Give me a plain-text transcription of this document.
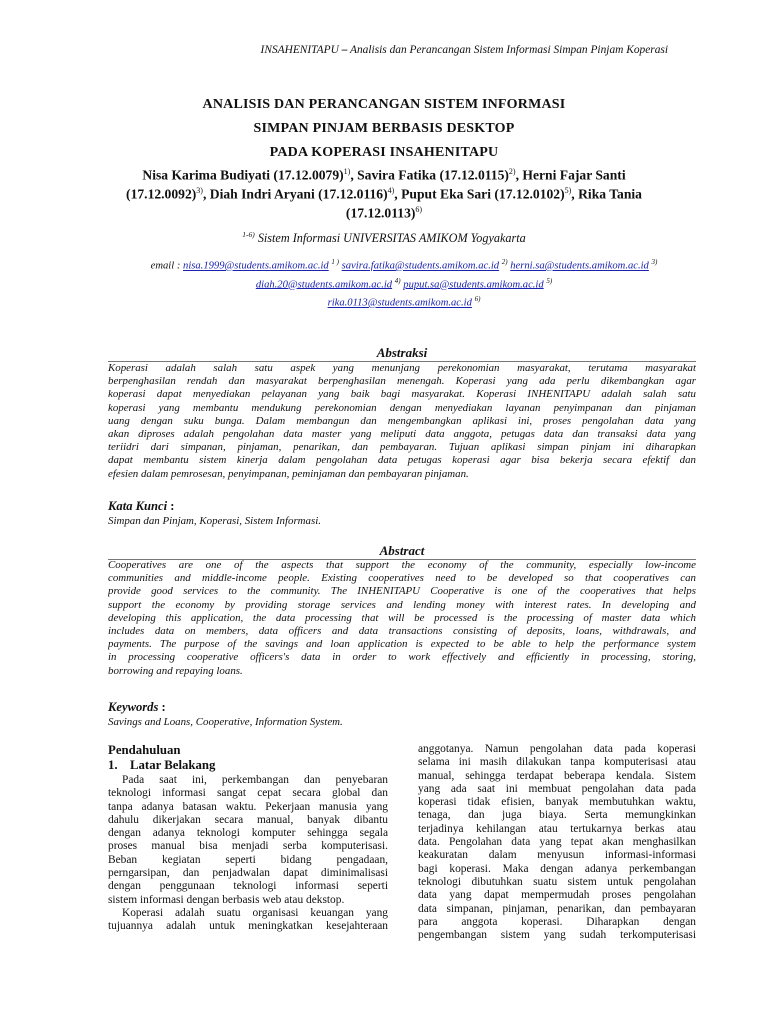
INSAHENITAPU – Analisis dan Perancangan Sistem Informasi Simpan Pinjam Koperasi
ANALISIS DAN PERANCANGAN SISTEM INFORMASI
SIMPAN PINJAM BERBASIS DESKTOP
PADA KOPERASI INSAHENITAPU
Nisa Karima Budiyati $(17.12.0079)^{1)}$, Savira Fatika $(17.12.0115)^{2)}$, Herni Fajar Santi $(17.12.0092)^{3)}$, Diah Indri Aryani $(17.12.0116)^{4)}$, Puput Eka Sari $(17.12.0102)^{5)}$, Rika Tania $(17.12.0113)^{6)}$
$^{1-6)}$ Sistem Informasi UNIVERSITAS AMIKOM Yogyakarta
email : nisa.1999@students.amikom.ac.id $^{1 )}$ savira.fatika@students.amikom.ac.id $^{2)}$ herni.sa@students.amikom.ac.id $^{3)}$
diah.20@students.amikom.ac.id $^{4)}$ puput.sa@students.amikom.ac.id $^{5)}$
rika.0113@students.amikom.ac.id $^{6)}$
Abstraksi
Koperasi adalah salah satu aspek yang menunjang perekonomian masyarakat, terutama masyarakat
berpenghasilan rendah dan masyarakat berpenghasilan menengah. Koperasi yang ada perlu dikembangkan agar
koperasi dapat menyediakan pelayanan yang baik bagi masyarakat. Koperasi INHENITAPU adalah salah satu
koperasi yang membantu mendukung perekonomian dengan menyediakan layanan penyimpanan dan pinjaman
uang dengan suku bunga. Dalam membangun dan mengembangkan aplikasi ini, proses pengolahan data yang
akan diproses adalah pengolahan data master yang meliputi data anggota, petugas data dan transaksi data yang
teriidri dari simpanan, pinjaman, penarikan, dan pembayaran. Tujuan aplikasi simpan pinjam ini diharapkan
dapat membantu sistem kinerja dalam pengolahan data petugas koperasi agar bisa bekerja secara efektif dan
efesien dalam pemrosesan, penyimpanan, peminjaman dan pembayaran pinjaman.
Kata Kunci :
Simpan dan Pinjam, Koperasi, Sistem Informasi.
Abstract
Cooperatives are one of the aspects that support the economy of the community, especially low-income
communities and middle-income people. Existing cooperatives need to be developed so that cooperatives can
provide good services to the community. The INHENITAPU Cooperative is one of the cooperatives that helps
support the economy by providing storage services and lending money with interest rates. In developing and
developing this application, the data processing that will be processed is the processing of master data which
includes data on members, data officers and data transactions consisting of deposits, loans, withdrawals, and
payments. The purpose of the savings and loan application is expected to be able to help the performance system
in processing cooperative officers's data in order to work effectively and efficiently in processing, storing,
borrowing and repaying loans.
Keywords :
Savings and Loans, Cooperative, Information System.
Pendahuluan
1. Latar Belakang
Pada saat ini, perkembangan dan penyebaran
teknologi informasi sangat cepat secara global dan
tanpa adanya batasan waktu. Pekerjaan manusia yang
dahulu dikerjakan secara manual, banyak dibantu
dengan adanya teknologi komputer sehingga segala
proses manual bisa menjadi serba komputerisasi.
Beban kegiatan seperti bidang pengadaan,
perngarsipan, dan penjadwalan dapat diminimalisasi
dengan penggunaan teknologi informasi seperti
sistem informasi dengan berbasis web atau dekstop.
Koperasi adalah suatu organisasi keuangan yang
tujuannya adalah untuk meningkatkan kesejahteraan
anggotanya. Namun pengolahan data pada koperasi
selama ini masih dilakukan tanpa komputerisasi atau
manual, sehingga terdapat beberapa kendala. Sistem
yang ada saat ini membuat pengolahan data pada
koperasi tidak efisien, banyak membutuhkan waktu,
tenaga, dan juga biaya. Serta memungkinkan
terjadinya kehilangan atau tertukarnya berkas atau
data. Pengolahan data yang tepat akan menghasilkan
keakuratan dalam menyusun informasi-informasi
bagi koperasi. Maka dengan adanya perkembangan
teknologi dibutuhkan suatu sistem untuk pengolahan
data yang dapat mempermudah proses pengolahan
data simpanan, pinjaman, penarikan, dan pembayaran
para anggota koperasi. Diharapkan dengan
pengembangan sistem yang sudah terkomputerisasi
